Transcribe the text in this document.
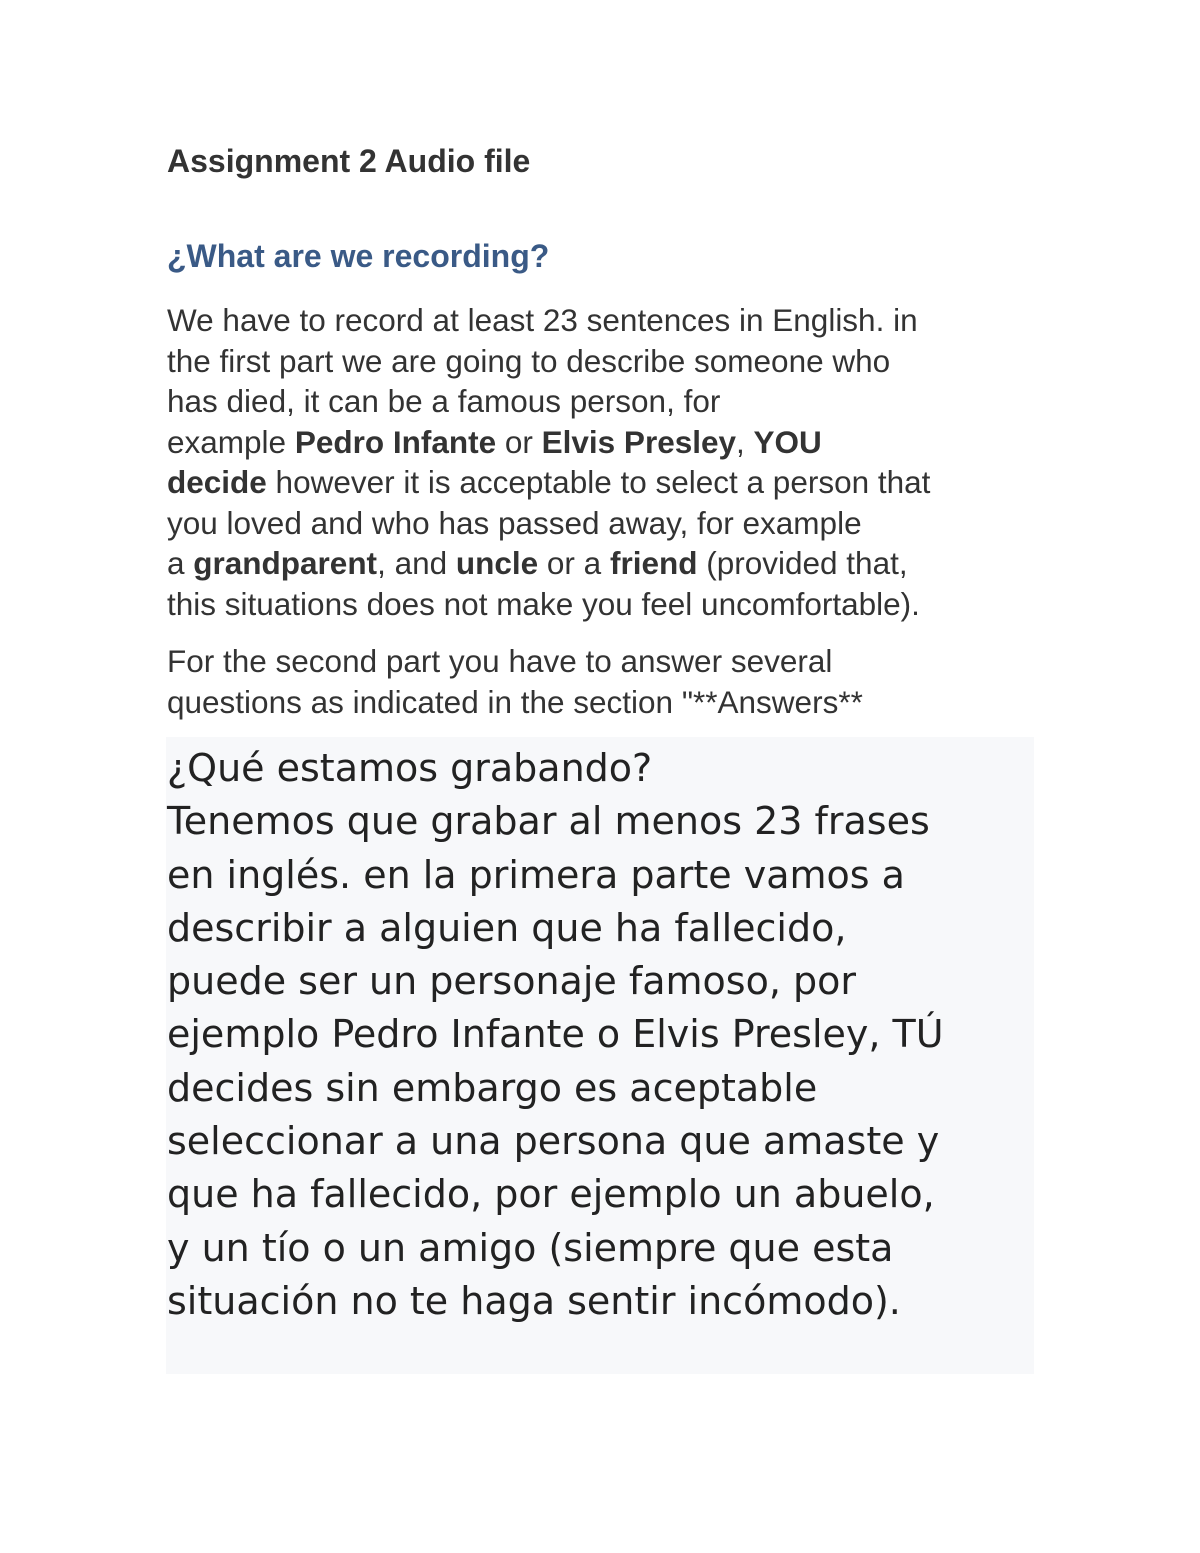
Assignment 2 Audio file
¿What are we recording?

We have to record at least 23 sentences in English. in
the first part we are going to describe someone who
has died, it can be a famous person, for
example Pedro Infante or Elvis Presley, YOU
decide however it is acceptable to select a person that
you loved and who has passed away, for example
a grandparent, and uncle or a friend (provided that,
this situations does not make you feel uncomfortable).

For the second part you have to answer several
questions as indicated in the section "**Answers**

¿Qué estamos grabando?
Tenemos que grabar al menos 23 frases
en inglés. en la primera parte vamos a
describir a alguien que ha fallecido,
puede ser un personaje famoso, por
ejemplo Pedro Infante o Elvis Presley, TÚ
decides sin embargo es aceptable
seleccionar a una persona que amaste y
que ha fallecido, por ejemplo un abuelo,
y un tío o un amigo (siempre que esta
situación no te haga sentir incómodo).
